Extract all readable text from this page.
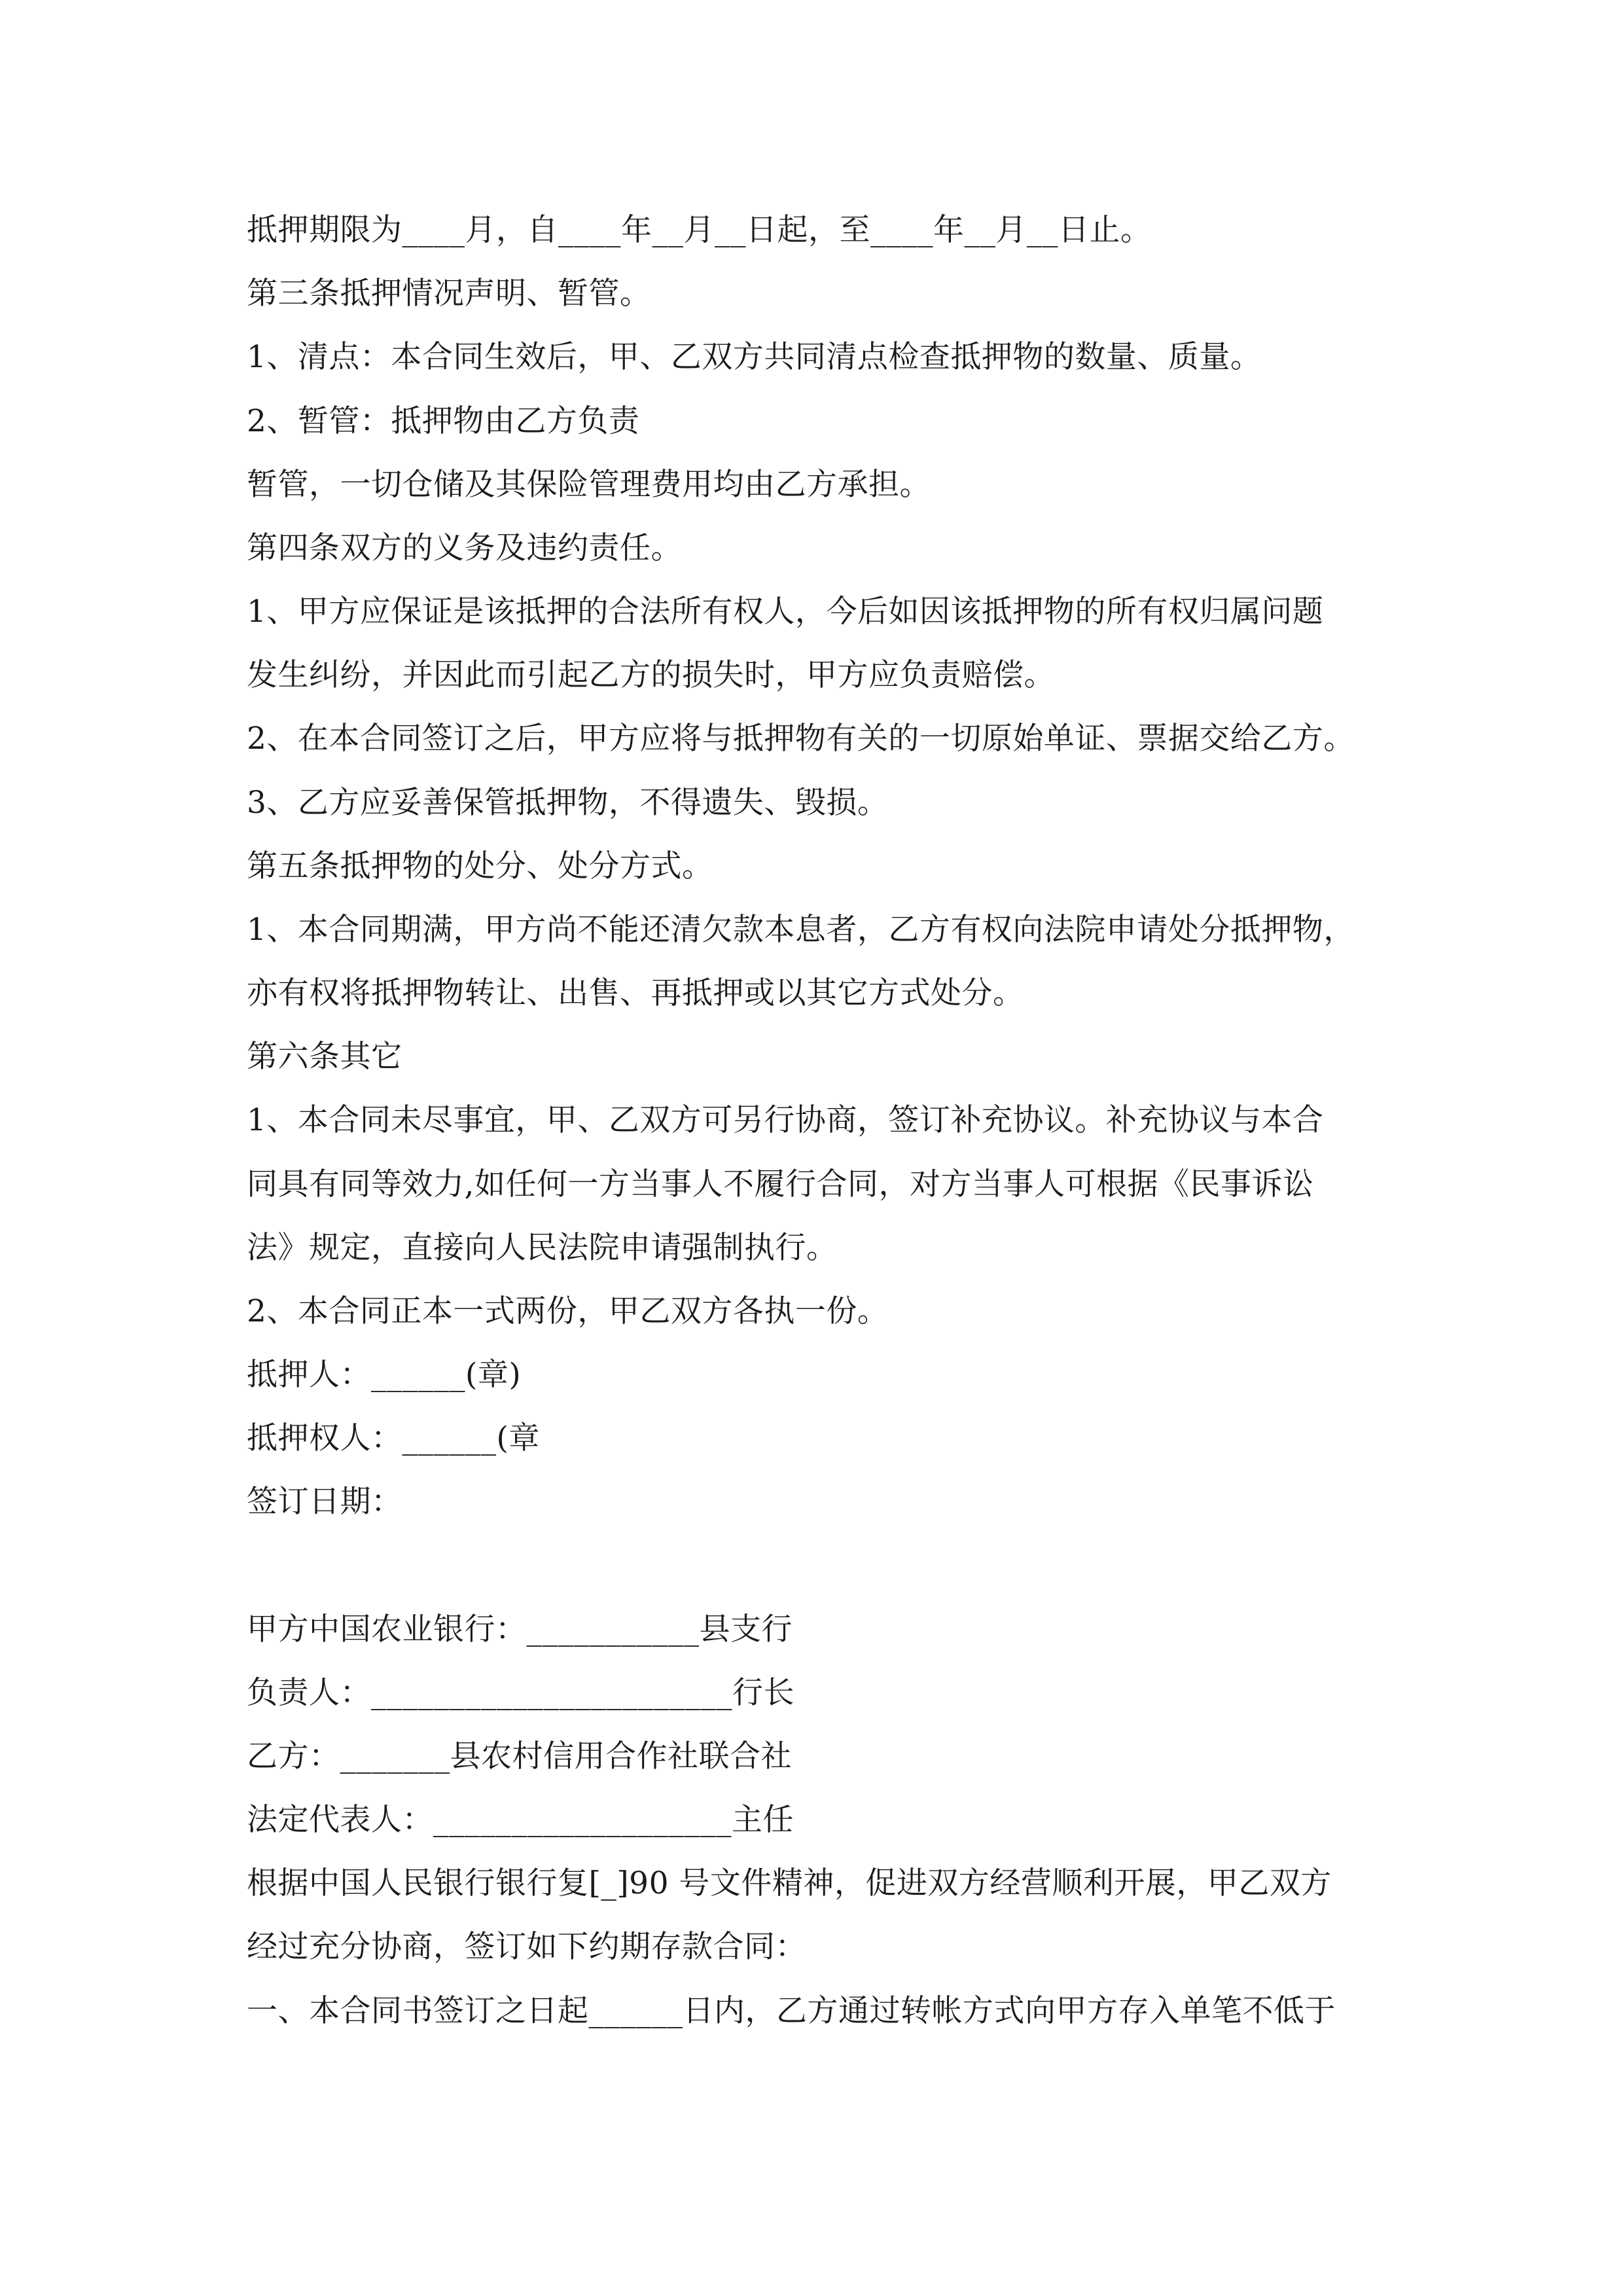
抵押期限为____月，自____年__月__日起，至____年__月__日止。
第三条抵押情况声明、暂管。
1、清点：本合同生效后，甲、乙双方共同清点检查抵押物的数量、质量。
2、暂管：抵押物由乙方负责
暂管，一切仓储及其保险管理费用均由乙方承担。
第四条双方的义务及违约责任。
1、甲方应保证是该抵押的合法所有权人，今后如因该抵押物的所有权归属问题
发生纠纷，并因此而引起乙方的损失时，甲方应负责赔偿。
2、在本合同签订之后，甲方应将与抵押物有关的一切原始单证、票据交给乙方。
3、乙方应妥善保管抵押物，不得遗失、毁损。
第五条抵押物的处分、处分方式。
1、本合同期满，甲方尚不能还清欠款本息者，乙方有权向法院申请处分抵押物，
亦有权将抵押物转让、出售、再抵押或以其它方式处分。
第六条其它
1、本合同未尽事宜，甲、乙双方可另行协商，签订补充协议。补充协议与本合
同具有同等效力,如任何一方当事人不履行合同，对方当事人可根据《民事诉讼
法》规定，直接向人民法院申请强制执行。
2、本合同正本一式两份，甲乙双方各执一份。
抵押人：______(章)
抵押权人：______(章
签订日期：
甲方中国农业银行：___________县支行
负责人：_______________________行长
乙方：_______县农村信用合作社联合社
法定代表人：___________________主任
根据中国人民银行银行复[_]90 号文件精神，促进双方经营顺利开展，甲乙双方
经过充分协商，签订如下约期存款合同：
一、本合同书签订之日起______日内，乙方通过转帐方式向甲方存入单笔不低于
